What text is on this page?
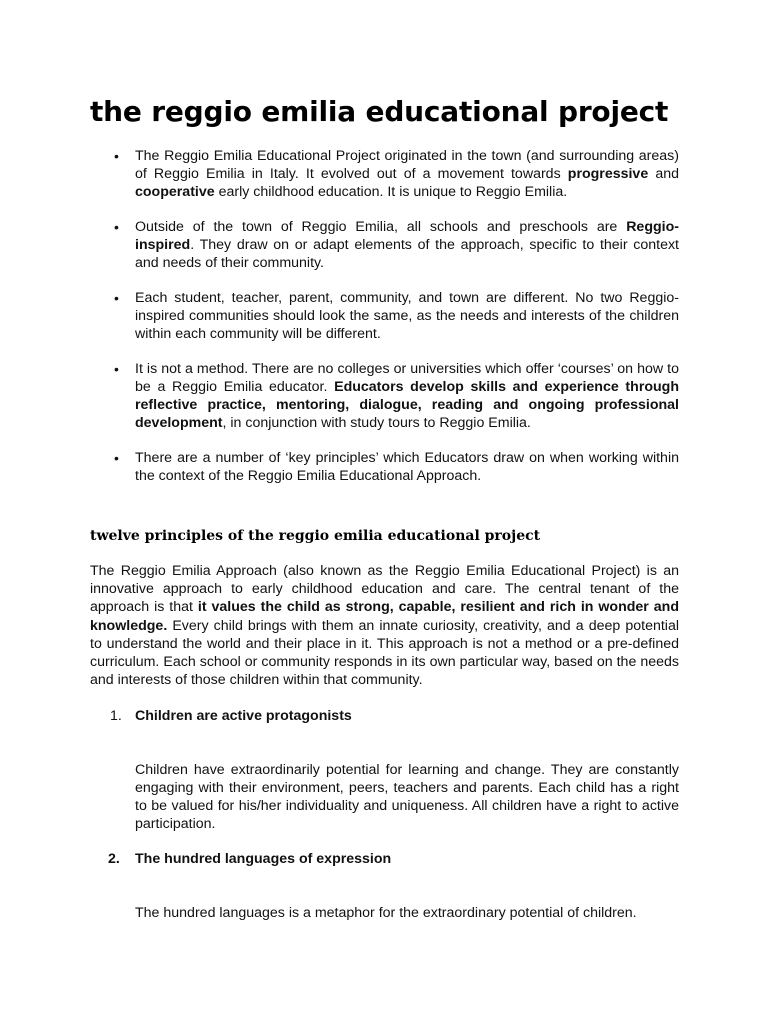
the reggio emilia educational project
• The Reggio Emilia Educational Project originated in the town (and surrounding areas) of Reggio Emilia in Italy. It evolved out of a movement towards progressive and cooperative early childhood education. It is unique to Reggio Emilia.
• Outside of the town of Reggio Emilia, all schools and preschools are Reggio-inspired. They draw on or adapt elements of the approach, specific to their context and needs of their community.
• Each student, teacher, parent, community, and town are different. No two Reggio-inspired communities should look the same, as the needs and interests of the children within each community will be different.
• It is not a method. There are no colleges or universities which offer ‘courses’ on how to be a Reggio Emilia educator. Educators develop skills and experience through reflective practice, mentoring, dialogue, reading and ongoing professional development, in conjunction with study tours to Reggio Emilia.
• There are a number of ‘key principles’ which Educators draw on when working within the context of the Reggio Emilia Educational Approach.
twelve principles of the reggio emilia educational project

The Reggio Emilia Approach (also known as the Reggio Emilia Educational Project) is an innovative approach to early childhood education and care. The central tenant of the approach is that it values the child as strong, capable, resilient and rich in wonder and knowledge. Every child brings with them an innate curiosity, creativity, and a deep potential to understand the world and their place in it. This approach is not a method or a pre-defined curriculum. Each school or community responds in its own particular way, based on the needs and interests of those children within that community.

1. Children are active protagonists
Children have extraordinarily potential for learning and change. They are constantly engaging with their environment, peers, teachers and parents. Each child has a right to be valued for his/her individuality and uniqueness. All children have a right to active participation.
2. The hundred languages of expression
The hundred languages is a metaphor for the extraordinary potential of children.
